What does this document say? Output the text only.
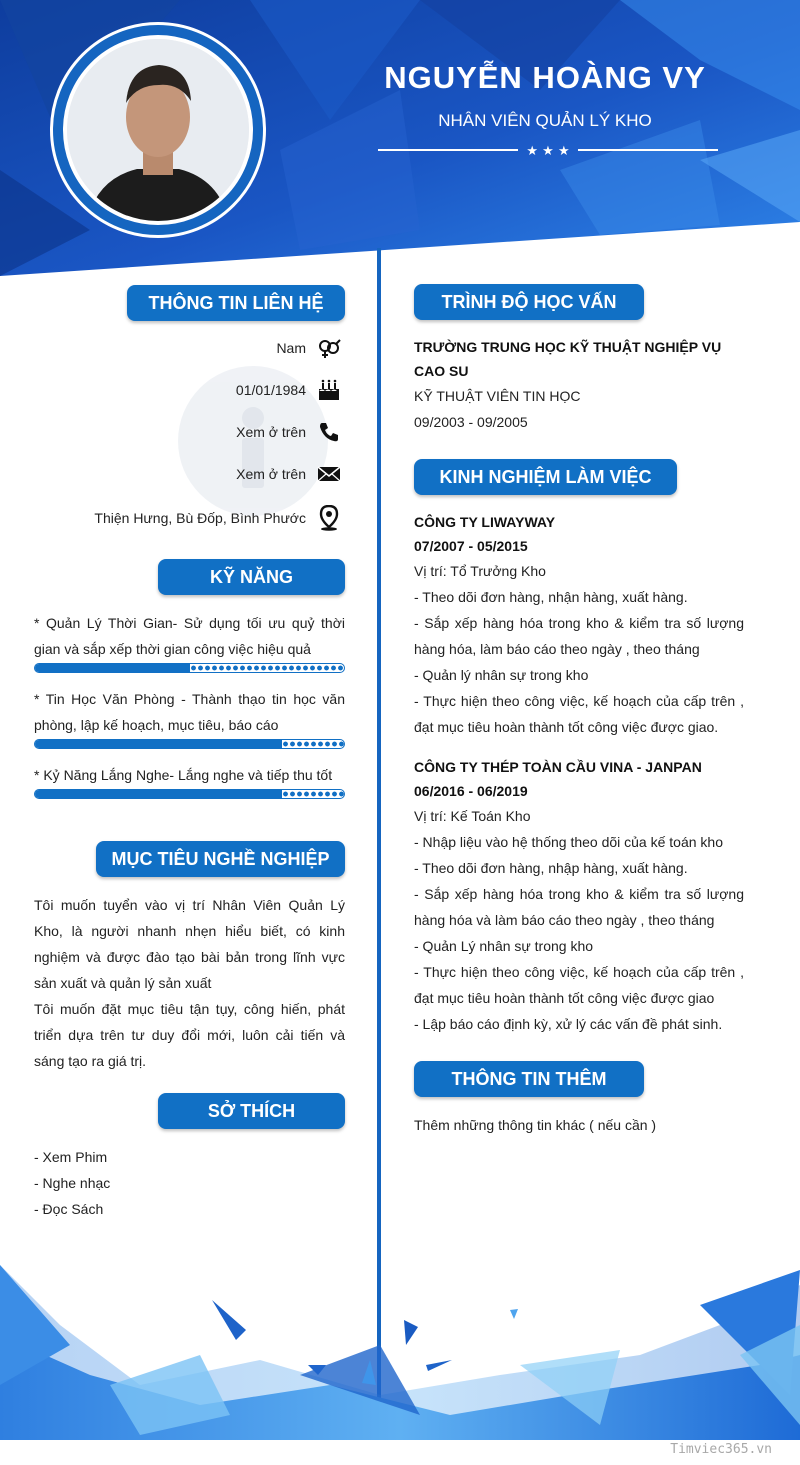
NGUYỄN HOÀNG VY
NHÂN VIÊN QUẢN LÝ KHO
★ ★ ★
THÔNG TIN LIÊN HỆ
Nam
01/01/1984
Xem ở trên
Xem ở trên
Thiện Hưng, Bù Đốp, Bình Phước
KỸ NĂNG
* Quản Lý Thời Gian- Sử dụng tối ưu quỷ thời gian và sắp xếp thời gian công việc hiệu quả
* Tin Học Văn Phòng - Thành thạo tin học văn phòng, lập kế hoạch, mục tiêu, báo cáo
* Kỷ Năng Lắng Nghe- Lắng nghe và tiếp thu tốt
MỤC TIÊU NGHỀ NGHIỆP
Tôi muốn tuyển vào vị trí Nhân Viên Quản Lý Kho, là người nhanh nhẹn hiểu biết, có kinh nghiệm và được đào tạo bài bản trong lĩnh vực sản xuất và quản lý sản xuất
Tôi muốn đặt mục tiêu tận tụy, công hiến, phát triển dựa trên tư duy đổi mới, luôn cải tiến và sáng tạo ra giá trị.
SỞ THÍCH
- Xem Phim
- Nghe nhạc
- Đọc Sách
TRÌNH ĐỘ HỌC VẤN
TRƯỜNG TRUNG HỌC KỸ THUẬT NGHIỆP VỤ CAO SU
KỸ THUẬT VIÊN TIN HỌC
09/2003 - 09/2005
KINH NGHIỆM LÀM VIỆC
CÔNG TY LIWAYWAY
07/2007 - 05/2015
Vị trí: Tổ Trưởng Kho
- Theo dõi đơn hàng, nhận hàng, xuất hàng.
- Sắp xếp hàng hóa trong kho & kiểm tra số lượng hàng hóa, làm báo cáo theo ngày , theo tháng
- Quản lý nhân sự trong kho
- Thực hiện theo công việc, kế hoạch của cấp trên , đạt mục tiêu hoàn thành tốt công việc được giao.
CÔNG TY THÉP TOÀN CẦU VINA - JANPAN
06/2016 - 06/2019
Vị trí: Kế Toán Kho
- Nhập liệu vào hệ thống theo dõi của kế toán kho
- Theo dõi đơn hàng, nhập hàng, xuất hàng.
- Sắp xếp hàng hóa trong kho & kiểm tra số lượng hàng hóa và làm báo cáo theo ngày , theo tháng
- Quản Lý nhân sự trong kho
- Thực hiện theo công việc, kế hoạch của cấp trên , đạt mục tiêu hoàn thành tốt công việc được giao
- Lập báo cáo định kỳ, xử lý các vấn đề phát sinh.
THÔNG TIN THÊM
Thêm những thông tin khác ( nếu cần )
Timviec365.vn
